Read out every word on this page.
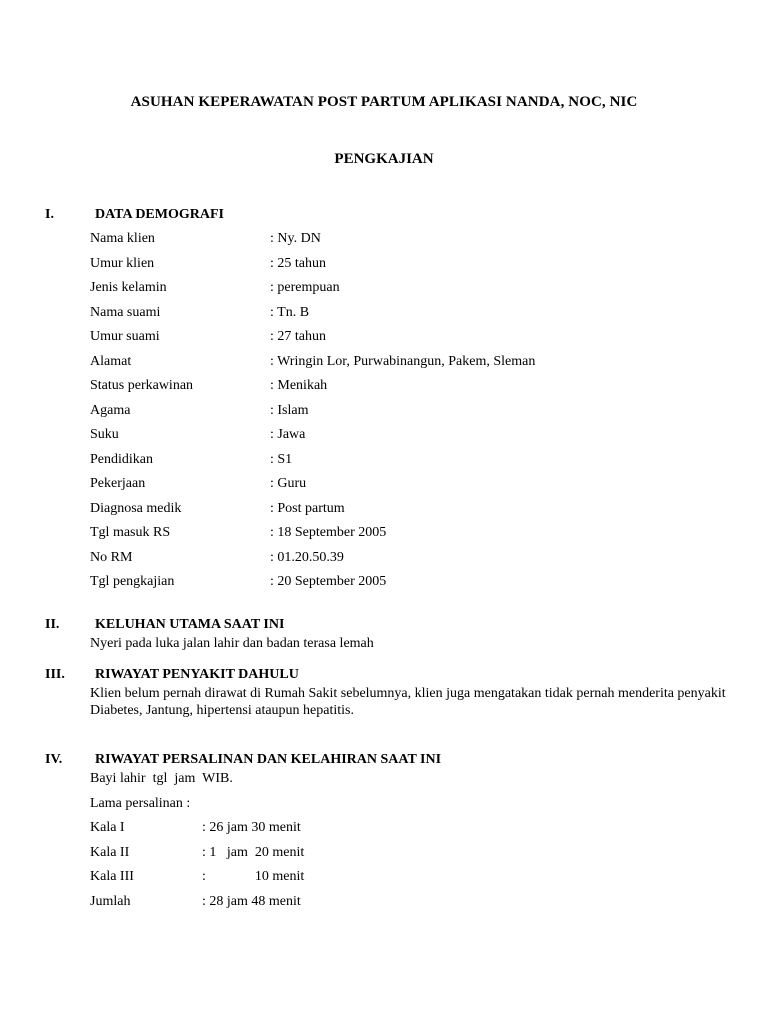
ASUHAN KEPERAWATAN POST PARTUM APLIKASI NANDA, NOC, NIC
PENGKAJIAN
I.	DATA DEMOGRAFI
Nama klien	: Ny. DN
Umur klien	: 25 tahun
Jenis kelamin	: perempuan
Nama suami	: Tn. B
Umur suami	: 27 tahun
Alamat	: Wringin Lor, Purwabinangun, Pakem, Sleman
Status perkawinan	: Menikah
Agama	: Islam
Suku	: Jawa
Pendidikan	: S1
Pekerjaan	: Guru
Diagnosa medik	: Post partum
Tgl masuk RS	: 18 September 2005
No RM	: 01.20.50.39
Tgl pengkajian	: 20 September 2005
II.	KELUHAN UTAMA SAAT INI
Nyeri pada luka jalan lahir dan badan terasa lemah
III. RIWAYAT PENYAKIT DAHULU
Klien belum pernah dirawat di Rumah Sakit sebelumnya, klien juga mengatakan tidak pernah menderita penyakit Diabetes, Jantung, hipertensi ataupun hepatitis.
IV. RIWAYAT PERSALINAN DAN KELAHIRAN SAAT INI
Bayi lahir  tgl  jam  WIB.
Lama persalinan :
Kala I	: 26 jam 30 menit
Kala II	: 1   jam  20 menit
Kala III	:              10 menit
Jumlah	: 28 jam 48 menit
